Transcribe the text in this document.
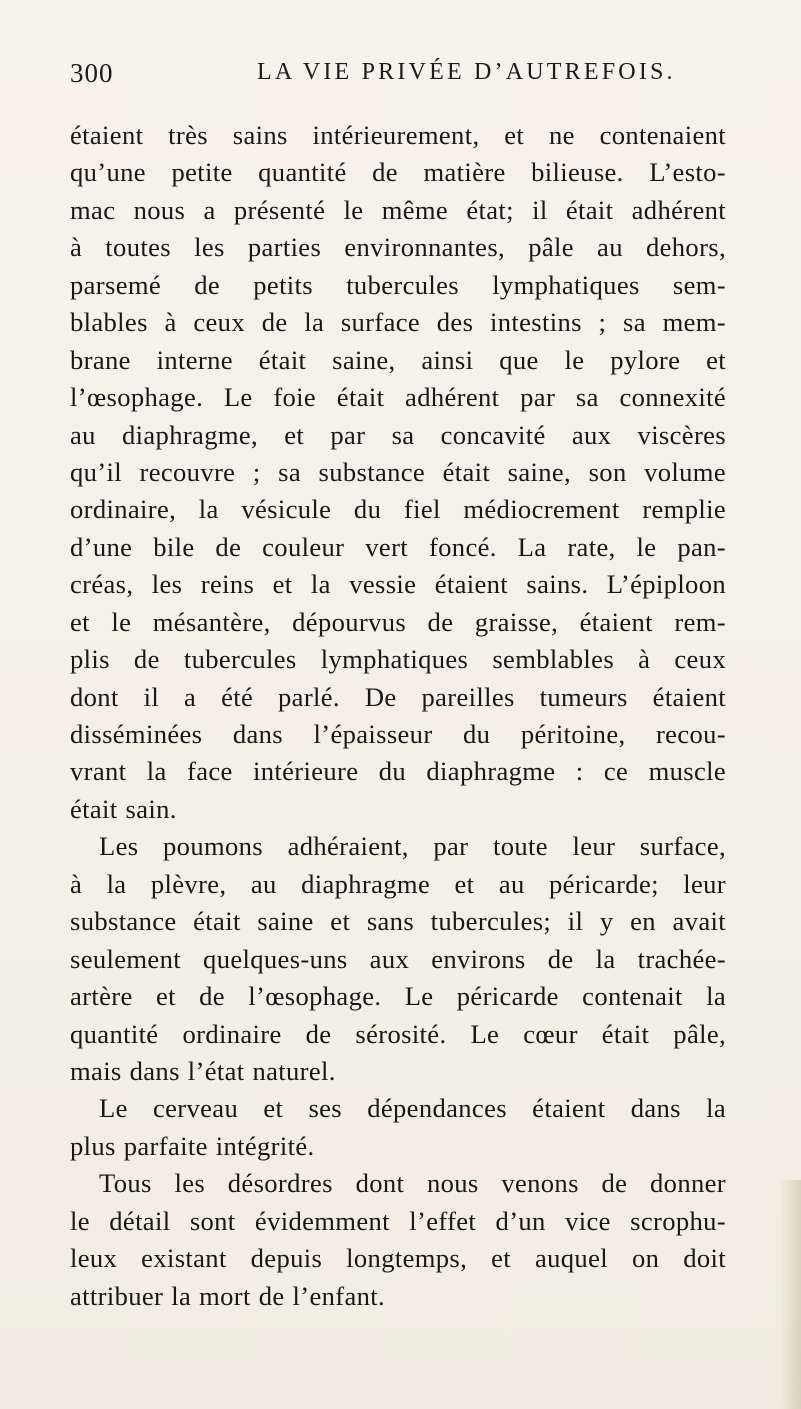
300	LA VIE PRIVÉE D’AUTREFOIS.
étaient très sains intérieurement, et ne contenaient
qu’une petite quantité de matière bilieuse. L’esto-
mac nous a présenté le même état; il était adhérent
à toutes les parties environnantes, pâle au dehors,
parsemé de petits tubercules lymphatiques sem-
blables à ceux de la surface des intestins ; sa mem-
brane interne était saine, ainsi que le pylore et
l’œsophage. Le foie était adhérent par sa connexité
au diaphragme, et par sa concavité aux viscères
qu’il recouvre ; sa substance était saine, son volume
ordinaire, la vésicule du fiel médiocrement remplie
d’une bile de couleur vert foncé. La rate, le pan-
créas, les reins et la vessie étaient sains. L’épiploon
et le mésantère, dépourvus de graisse, étaient rem-
plis de tubercules lymphatiques semblables à ceux
dont il a été parlé. De pareilles tumeurs étaient
disséminées dans l’épaisseur du péritoine, recou-
vrant la face intérieure du diaphragme : ce muscle
était sain.
Les poumons adhéraient, par toute leur surface,
à la plèvre, au diaphragme et au péricarde; leur
substance était saine et sans tubercules; il y en avait
seulement quelques-uns aux environs de la trachée-
artère et de l’œsophage. Le péricarde contenait la
quantité ordinaire de sérosité. Le cœur était pâle,
mais dans l’état naturel.
Le cerveau et ses dépendances étaient dans la
plus parfaite intégrité.
Tous les désordres dont nous venons de donner
le détail sont évidemment l’effet d’un vice scrophu-
leux existant depuis longtemps, et auquel on doit
attribuer la mort de l’enfant.
